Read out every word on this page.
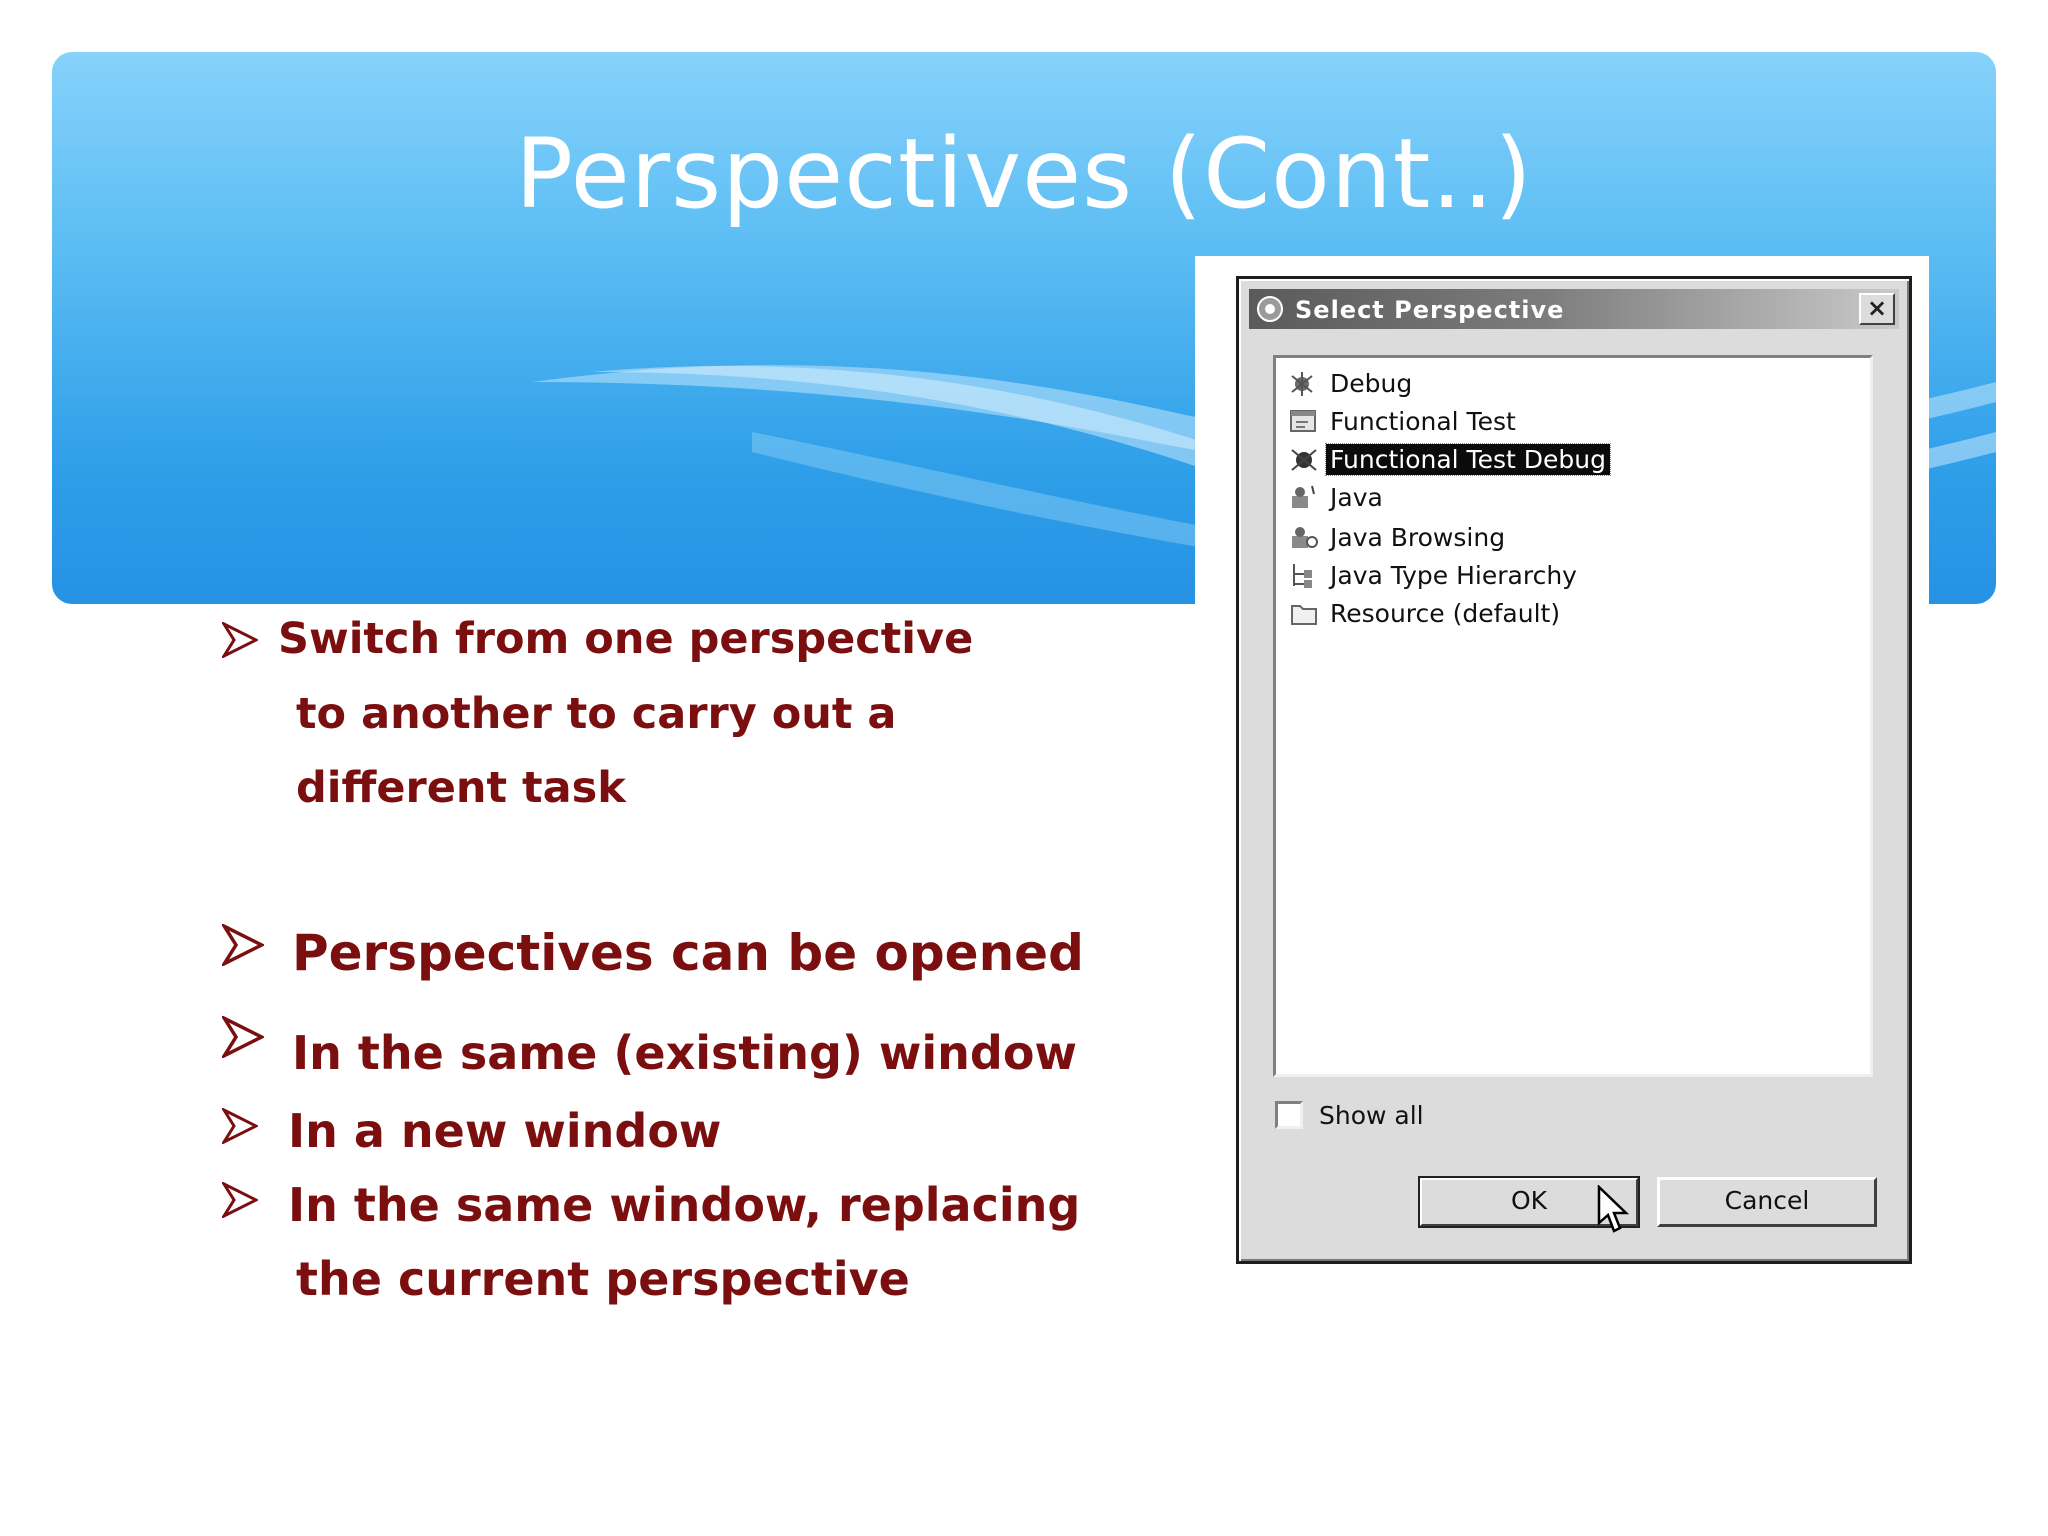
Perspectives (Cont..)
Switch from one perspective
to another to carry out a
different task
Perspectives can be opened
In the same (existing) window
In a new window
In the same window, replacing
the current perspective
Select Perspective	×
Debug
Functional Test
Functional Test Debug
Java
Java Browsing
Java Type Hierarchy
Resource (default)
Show all
OK	Cancel
